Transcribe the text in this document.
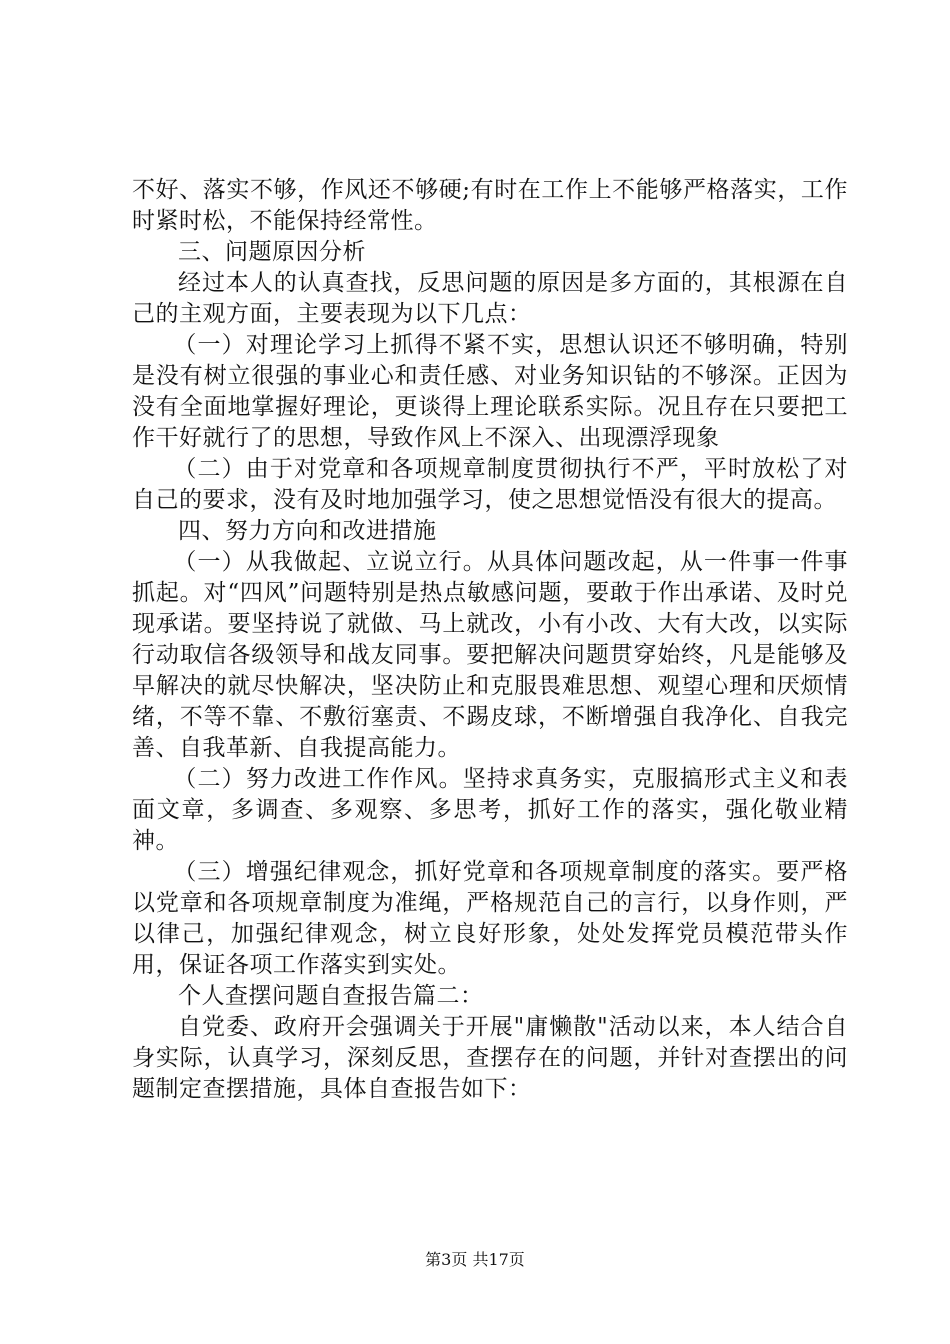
不好、落实不够，作风还不够硬;有时在工作上不能够严格落实，工作时紧时松，不能保持经常性。

三、问题原因分析

经过本人的认真查找，反思问题的原因是多方面的，其根源在自己的主观方面，主要表现为以下几点：

（一）对理论学习上抓得不紧不实，思想认识还不够明确，特别是没有树立很强的事业心和责任感、对业务知识钻的不够深。正因为没有全面地掌握好理论，更谈得上理论联系实际。况且存在只要把工作干好就行了的思想，导致作风上不深入、出现漂浮现象

（二）由于对党章和各项规章制度贯彻执行不严，平时放松了对自己的要求，没有及时地加强学习，使之思想觉悟没有很大的提高。

四、努力方向和改进措施

（一）从我做起、立说立行。从具体问题改起，从一件事一件事抓起。对“四风”问题特别是热点敏感问题，要敢于作出承诺、及时兑现承诺。要坚持说了就做、马上就改，小有小改、大有大改，以实际行动取信各级领导和战友同事。要把解决问题贯穿始终，凡是能够及早解决的就尽快解决，坚决防止和克服畏难思想、观望心理和厌烦情绪，不等不靠、不敷衍塞责、不踢皮球，不断增强自我净化、自我完善、自我革新、自我提高能力。

（二）努力改进工作作风。坚持求真务实，克服搞形式主义和表面文章，多调查、多观察、多思考，抓好工作的落实，强化敬业精神。

（三）增强纪律观念，抓好党章和各项规章制度的落实。要严格以党章和各项规章制度为准绳，严格规范自己的言行，以身作则，严以律己，加强纪律观念，树立良好形象，处处发挥党员模范带头作用，保证各项工作落实到实处。

个人查摆问题自查报告篇二：

自党委、政府开会强调关于开展"庸懒散"活动以来，本人结合自身实际，认真学习，深刻反思，查摆存在的问题，并针对查摆出的问题制定查摆措施，具体自查报告如下：

第3页 共17页
